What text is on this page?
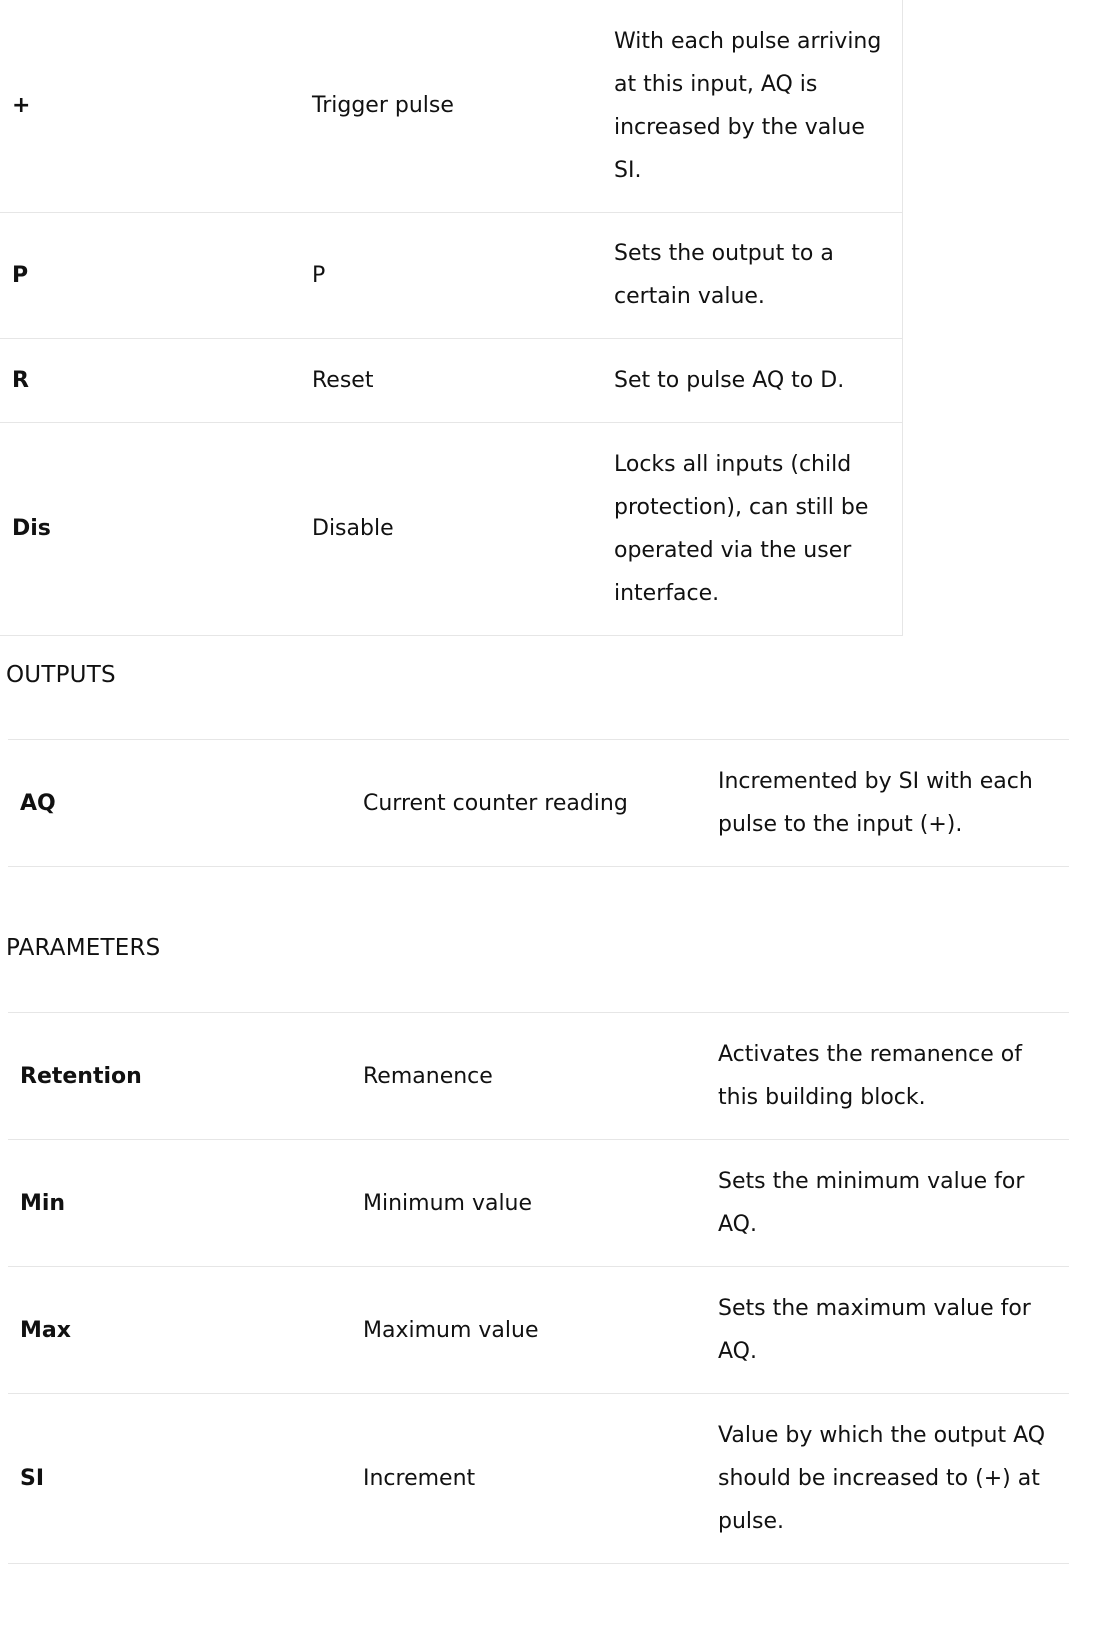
+	Trigger pulse	With each pulse arriving at this input, AQ is increased by the value SI.
P	P	Sets the output to a certain value.
R	Reset	Set to pulse AQ to D.
Dis	Disable	Locks all inputs (child protection), can still be operated via the user interface.
OUTPUTS
AQ	Current counter reading	Incremented by SI with each pulse to the input (+).
PARAMETERS
Retention	Remanence	Activates the remanence of this building block.
Min	Minimum value	Sets the minimum value for AQ.
Max	Maximum value	Sets the maximum value for AQ.
SI	Increment	Value by which the output AQ should be increased to (+) at pulse.
